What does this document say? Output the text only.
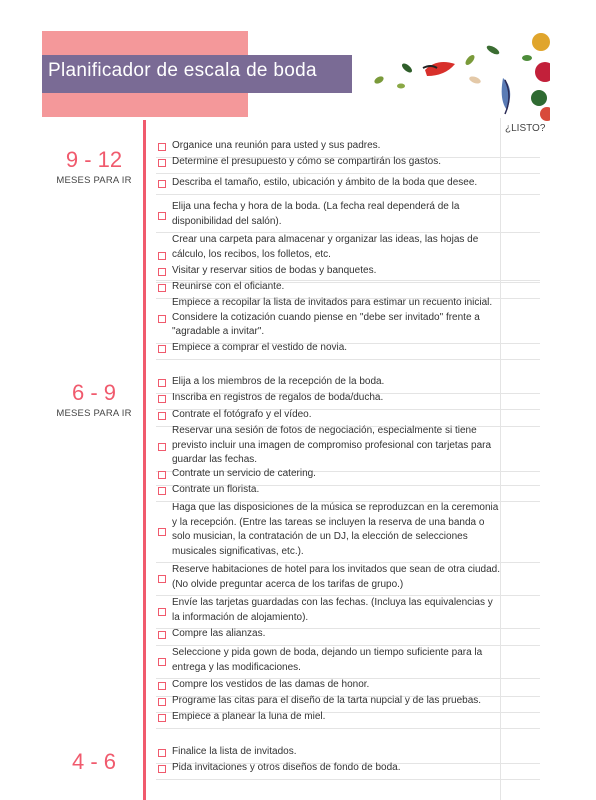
Planificador de escala de boda
¿LISTO?
9 - 12
MESES PARA IR
6 - 9
MESES PARA IR
4 - 6
Organice una reunión para usted y sus padres.
Determine el presupuesto y cómo se compartirán los gastos.
Describa el tamaño, estilo, ubicación y ámbito de la boda que desee.
Elija una fecha y hora de la boda. (La fecha real dependerá de la disponibilidad del salón).
Crear una carpeta para almacenar y organizar las ideas, las hojas de cálculo, los recibos, los folletos, etc.
Visitar y reservar sitios de bodas y banquetes.
Reunirse con el oficiante.
Empiece a recopilar la lista de invitados para estimar un recuento inicial. Considere la cotización cuando piense en "debe ser invitado" frente a "agradable a invitar".
Empiece a comprar el vestido de novia.
Elija a los miembros de la recepción de la boda.
Inscriba en registros de regalos de boda/ducha.
Contrate el fotógrafo y el vídeo.
Reservar una sesión de fotos de negociación, especialmente si tiene previsto incluir una imagen de compromiso profesional con tarjetas para guardar las fechas.
Contrate un servicio de catering.
Contrate un florista.
Haga que las disposiciones de la música se reproduzcan en la ceremonia y la recepción. (Entre las tareas se incluyen la reserva de una banda o solo musician, la contratación de un DJ, la elección de selecciones musicales significativas, etc.).
Reserve habitaciones de hotel para los invitados que sean de otra ciudad. (No olvide preguntar acerca de los tarifas de grupo.)
Envíe las tarjetas guardadas con las fechas. (Incluya las equivalencias y la información de alojamiento).
Compre las alianzas.
Seleccione y pida gown de boda, dejando un tiempo suficiente para la entrega y las modificaciones.
Compre los vestidos de las damas de honor.
Programe las citas para el diseño de la tarta nupcial y de las pruebas.
Empiece a planear la luna de miel.
Finalice la lista de invitados.
Pida invitaciones y otros diseños de fondo de boda.
